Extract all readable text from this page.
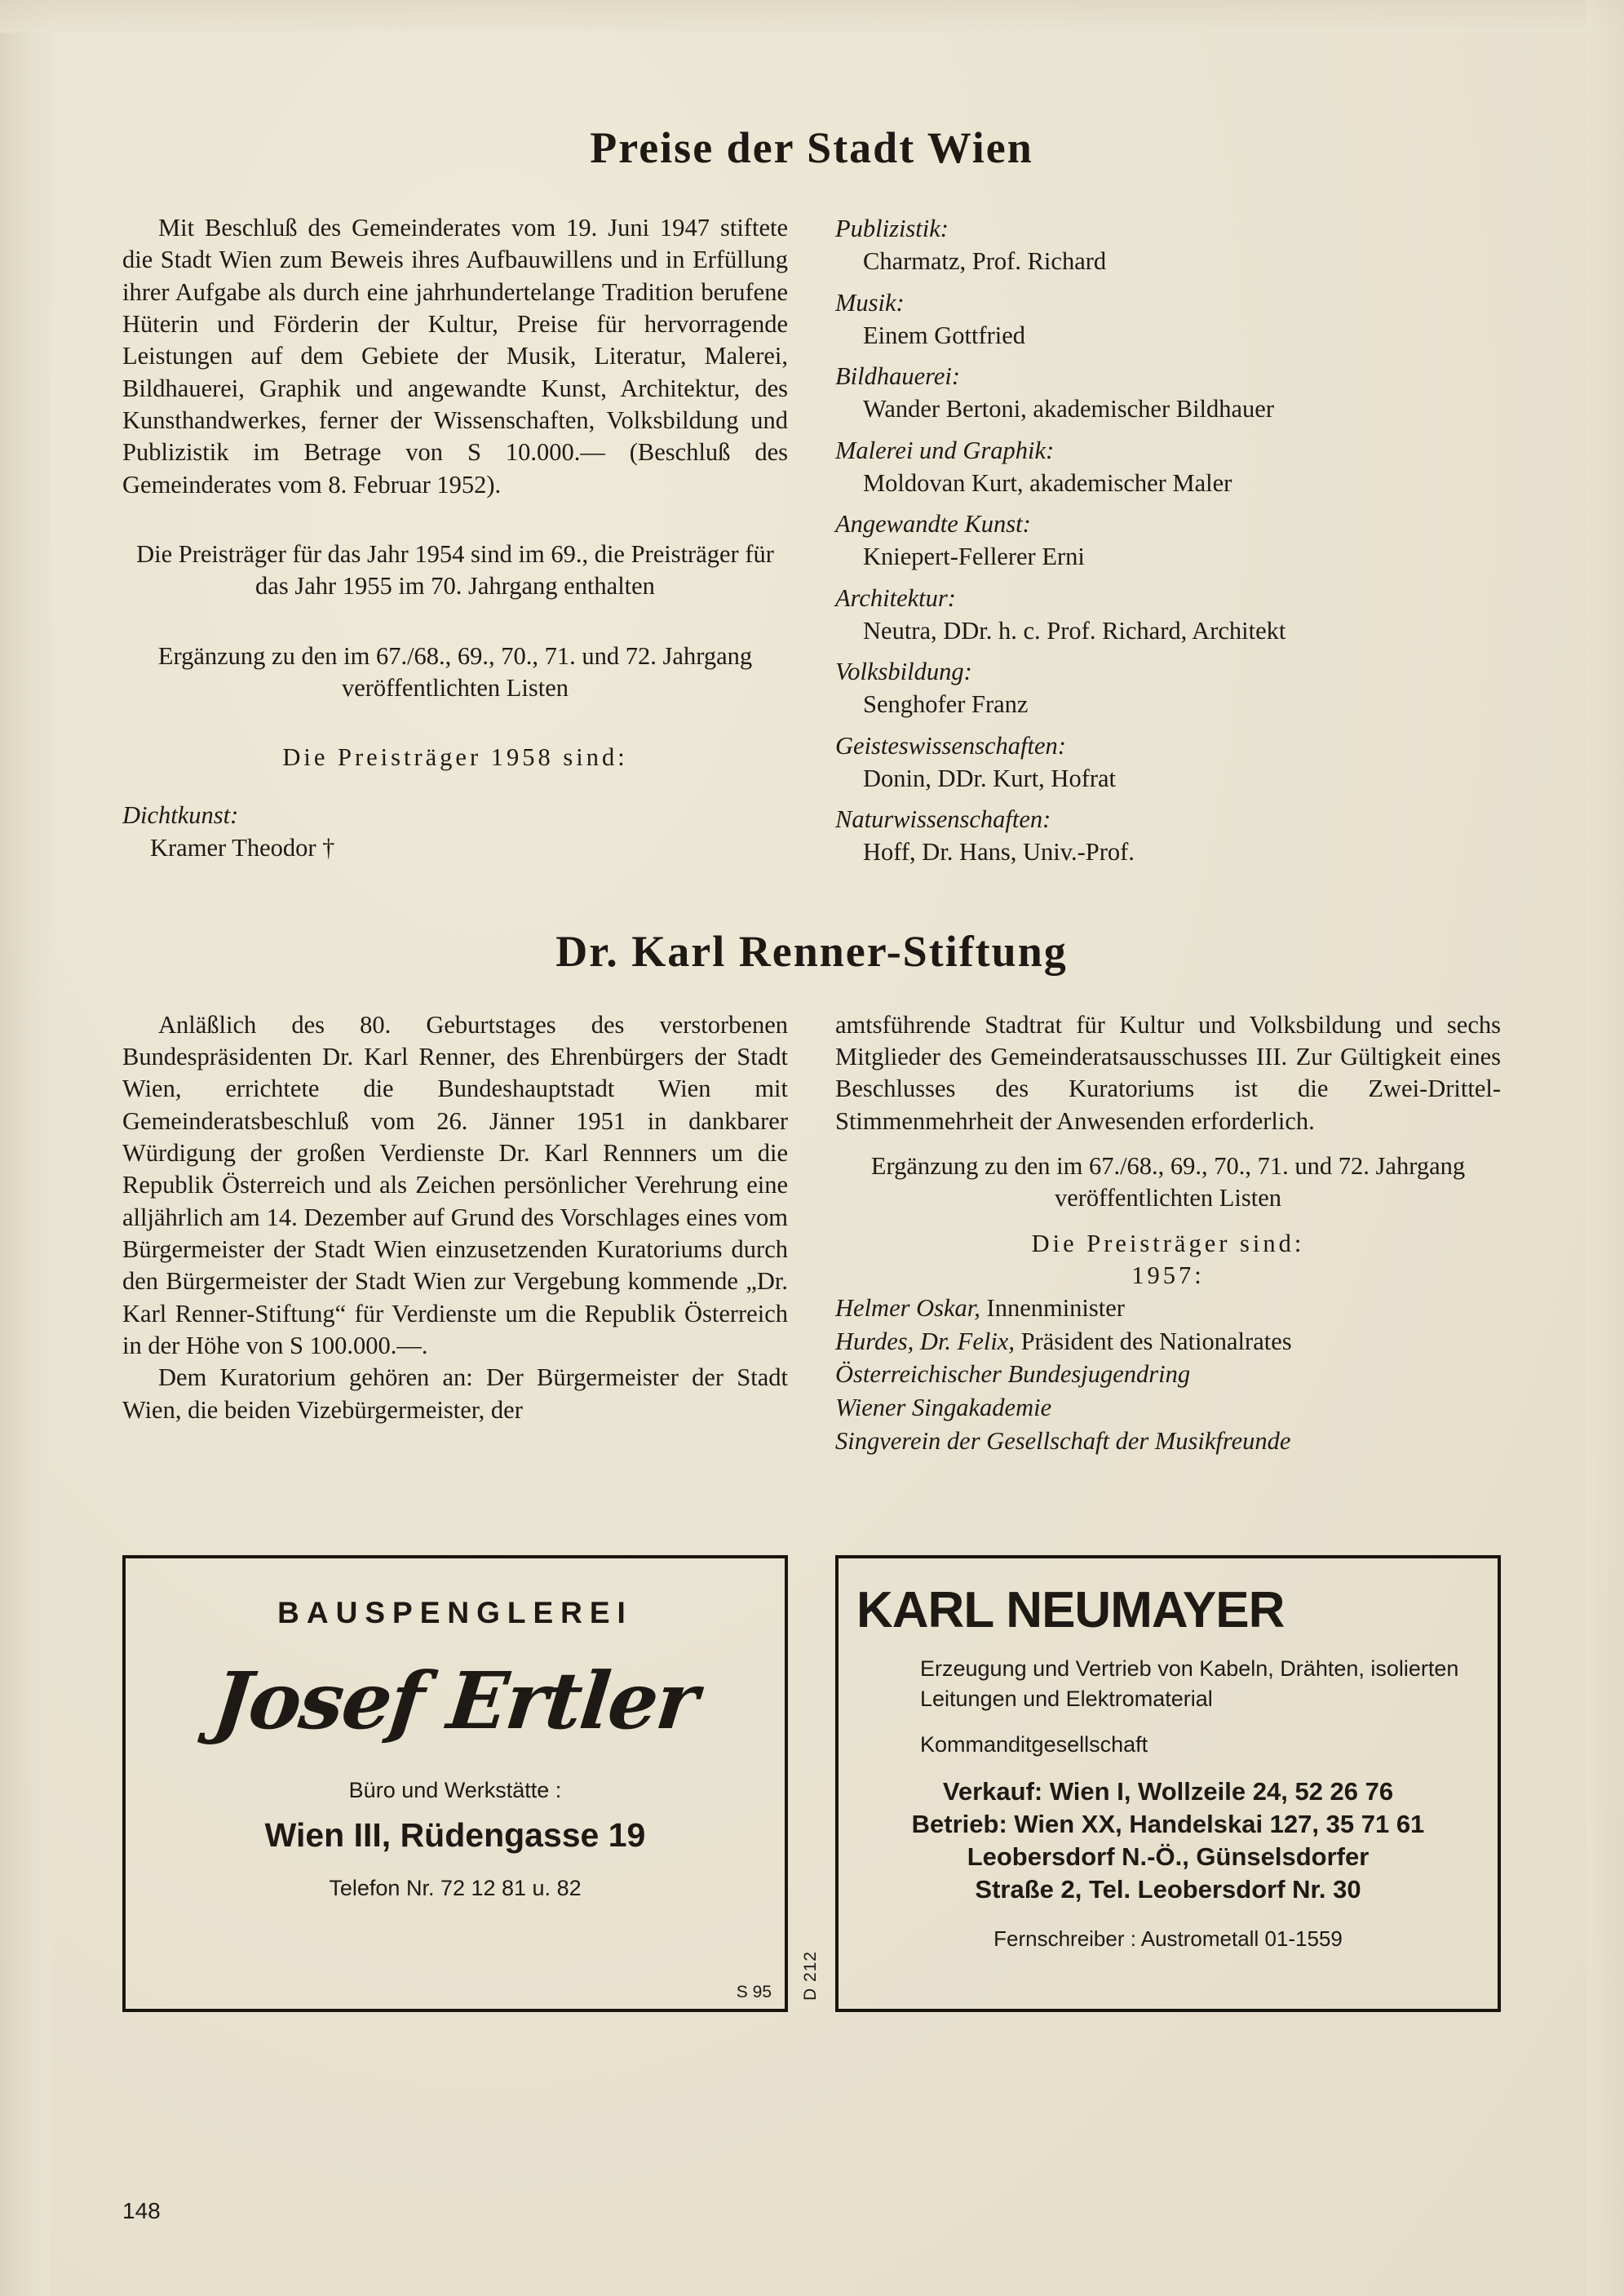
Preise der Stadt Wien

Mit Beschluß des Gemeinderates vom 19. Juni 1947 stiftete die Stadt Wien zum Beweis ihres Aufbauwillens und in Erfüllung ihrer Aufgabe als durch eine jahrhundertelange Tradition berufene Hüterin und Förderin der Kultur, Preise für hervorragende Leistungen auf dem Gebiete der Musik, Literatur, Malerei, Bildhauerei, Graphik und angewandte Kunst, Architektur, des Kunsthandwerkes, ferner der Wissenschaften, Volksbildung und Publizistik im Betrage von S 10.000.— (Beschluß des Gemeinderates vom 8. Februar 1952).

Die Preisträger für das Jahr 1954 sind im 69., die Preisträger für das Jahr 1955 im 70. Jahrgang enthalten

Ergänzung zu den im 67./68., 69., 70., 71. und 72. Jahrgang veröffentlichten Listen

Die Preisträger 1958 sind:

Dichtkunst:

Kramer Theodor †

Publizistik:

Charmatz, Prof. Richard

Musik:

Einem Gottfried

Bildhauerei:

Wander Bertoni, akademischer Bildhauer

Malerei und Graphik:

Moldovan Kurt, akademischer Maler

Angewandte Kunst:

Kniepert-Fellerer Erni

Architektur:

Neutra, DDr. h. c. Prof. Richard, Architekt

Volksbildung:

Senghofer Franz

Geisteswissenschaften:

Donin, DDr. Kurt, Hofrat

Naturwissenschaften:

Hoff, Dr. Hans, Univ.-Prof.

Dr. Karl Renner-Stiftung

Anläßlich des 80. Geburtstages des verstorbenen Bundespräsidenten Dr. Karl Renner, des Ehrenbürgers der Stadt Wien, errichtete die Bundeshauptstadt Wien mit Gemeinderatsbeschluß vom 26. Jänner 1951 in dankbarer Würdigung der großen Verdienste Dr. Karl Rennners um die Republik Österreich und als Zeichen persönlicher Verehrung eine alljährlich am 14. Dezember auf Grund des Vorschlages eines vom Bürgermeister der Stadt Wien einzusetzenden Kuratoriums durch den Bürgermeister der Stadt Wien zur Vergebung kommende „Dr. Karl Renner-Stiftung“ für Verdienste um die Republik Österreich in der Höhe von S 100.000.—.

Dem Kuratorium gehören an: Der Bürgermeister der Stadt Wien, die beiden Vizebürgermeister, der

amtsführende Stadtrat für Kultur und Volksbildung und sechs Mitglieder des Gemeinderatsausschusses III. Zur Gültigkeit eines Beschlusses des Kuratoriums ist die Zwei-Drittel-Stimmenmehrheit der Anwesenden erforderlich.

Ergänzung zu den im 67./68., 69., 70., 71. und 72. Jahrgang veröffentlichten Listen

Die Preisträger sind:

1957:

Helmer Oskar, Innenminister

Hurdes, Dr. Felix, Präsident des Nationalrates

Österreichischer Bundesjugendring

Wiener Singakademie

Singverein der Gesellschaft der Musikfreunde

BAUSPENGLEREI
Josef Ertler
Büro und Werkstätte :
Wien III, Rüdengasse 19
Telefon Nr. 72 12 81 u. 82
S 95 D 212
KARL NEUMAYER
Erzeugung und Vertrieb von Kabeln, Drähten, isolierten Leitungen und Elektromaterial
Kommanditgesellschaft
Verkauf: Wien I, Wollzeile 24, 52 26 76
Betrieb: Wien XX, Handelskai 127, 35 71 61
Leobersdorf N.-Ö., Günselsdorfer
Straße 2, Tel. Leobersdorf Nr. 30
Fernschreiber : Austrometall 01-1559
148
